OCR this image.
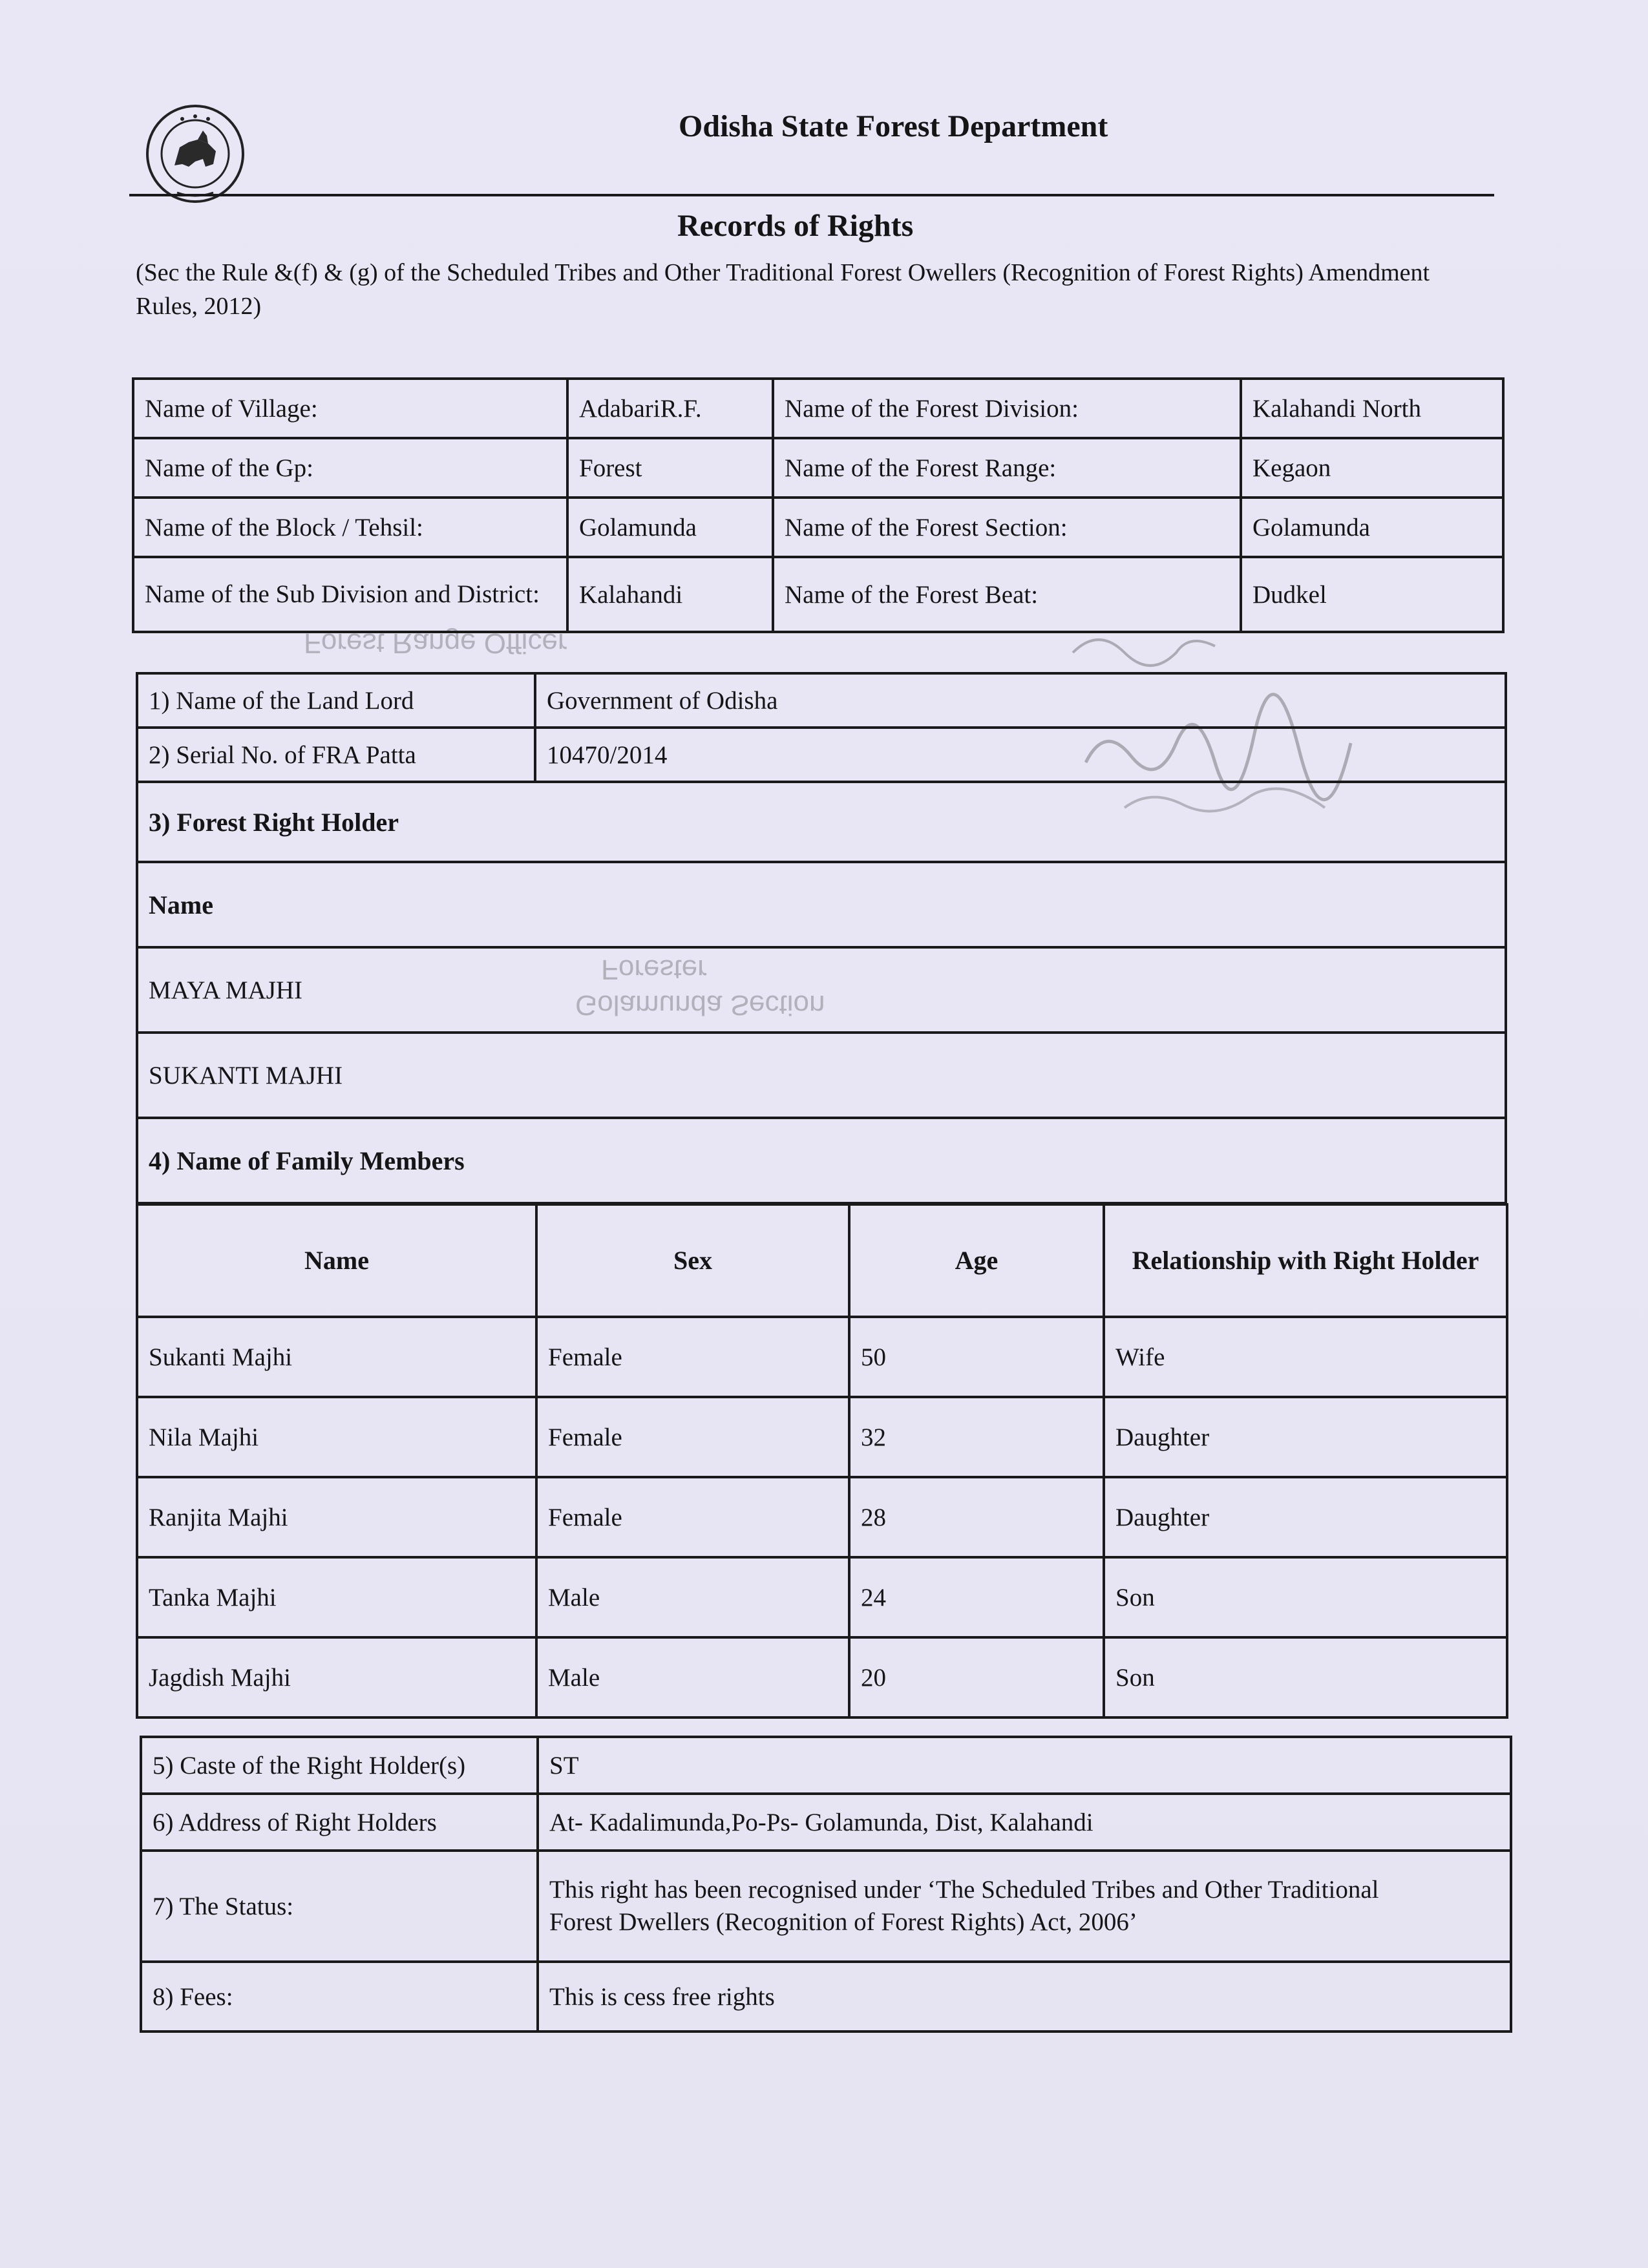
Odisha State Forest Department
Records of Rights
(Sec the Rule &(f) & (g) of the Scheduled Tribes and Other Traditional Forest Owellers (Recognition of Forest Rights) Amendment Rules, 2012)
Forest Range Officer
Forester
Golamunda Section
Name of Village:	AdabariR.F.	Name of the Forest Division:	Kalahandi North
Name of the Gp:	Forest	Name of the Forest Range:	Kegaon
Name of the Block / Tehsil:	Golamunda	Name of the Forest Section:	Golamunda
Name of the Sub Division and District:	Kalahandi	Name of the Forest Beat:	Dudkel
1) Name of the Land Lord	Government of Odisha
2) Serial No. of FRA Patta	10470/2014
3) Forest Right Holder	
Name	
MAYA MAJHI	
SUKANTI MAJHI	
4) Name of Family Members	
Name	Sex	Age	Relationship with Right Holder
Sukanti Majhi	Female	50	Wife
Nila Majhi	Female	32	Daughter
Ranjita Majhi	Female	28	Daughter
Tanka Majhi	Male	24	Son
Jagdish Majhi	Male	20	Son
5) Caste of the Right Holder(s)	ST
6) Address of Right Holders	At- Kadalimunda,Po-Ps- Golamunda, Dist, Kalahandi
7) The Status:	This right has been recognised under ‘The Scheduled Tribes and Other Traditional
Forest Dwellers (Recognition of Forest Rights) Act, 2006’

8) Fees:	This is cess free rights
